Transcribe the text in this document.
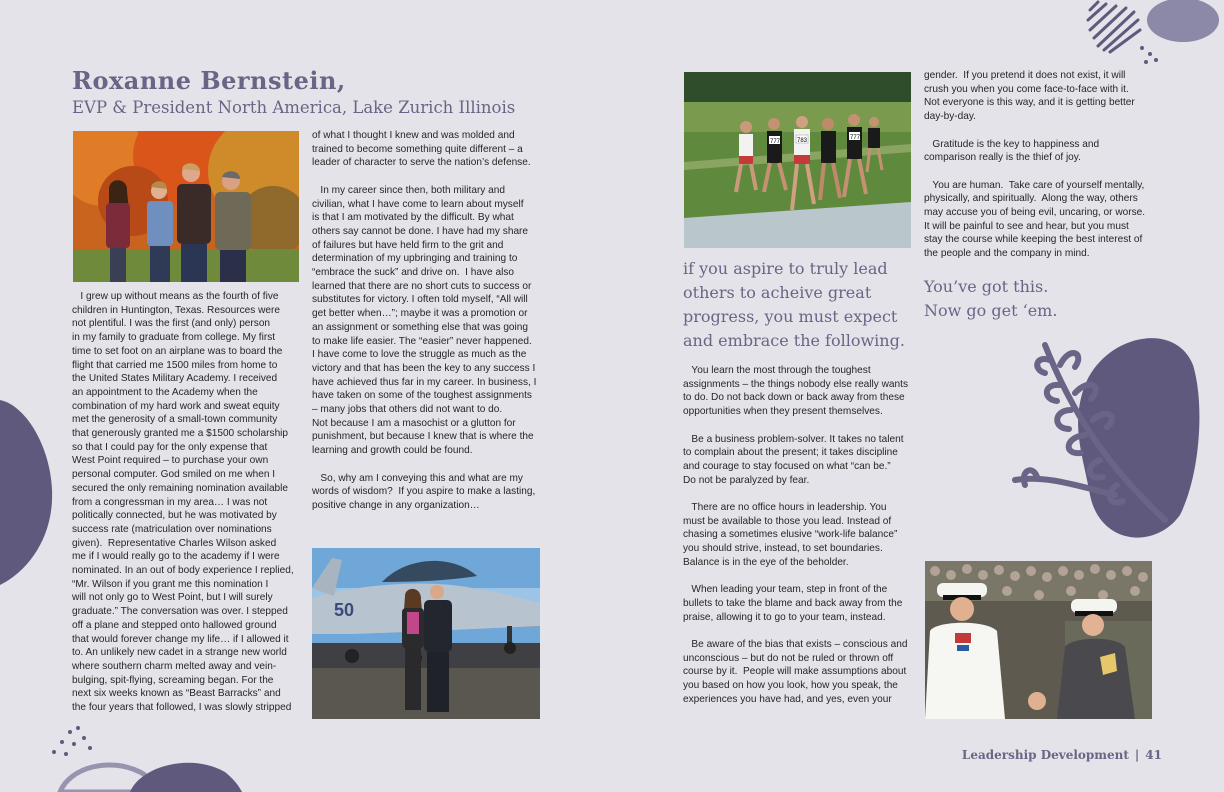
Roxanne Bernstein,
EVP & President North America, Lake Zurich Illinois
50
777	783	777

I grew up without means as the fourth of five
children in Huntington, Texas. Resources were
not plentiful. I was the first (and only) person
in my family to graduate from college. My first
time to set foot on an airplane was to board the
flight that carried me 1500 miles from home to
the United States Military Academy. I received
an appointment to the Academy when the
combination of my hard work and sweat equity
met the generosity of a small-town community
that generously granted me a $1500 scholarship
so that I could pay for the only expense that
West Point required – to purchase your own
personal computer. God smiled on me when I
secured the only remaining nomination available
from a congressman in my area… I was not
politically connected, but he was motivated by
success rate (matriculation over nominations
given).  Representative Charles Wilson asked
me if I would really go to the academy if I were
nominated. In an out of body experience I replied,
“Mr. Wilson if you grant me this nomination I
will not only go to West Point, but I will surely
graduate.” The conversation was over. I stepped
off a plane and stepped onto hallowed ground
that would forever change my life… if I allowed it
to. An unlikely new cadet in a strange new world
where southern charm melted away and vein-
bulging, spit-flying, screaming began. For the
next six weeks known as “Beast Barracks” and
the four years that followed, I was slowly stripped

of what I thought I knew and was molded and
trained to become something quite different – a
leader of character to serve the nation’s defense.

In my career since then, both military and
civilian, what I have come to learn about myself
is that I am motivated by the difficult. By what
others say cannot be done. I have had my share
of failures but have held firm to the grit and
determination of my upbringing and training to
“embrace the suck” and drive on.  I have also
learned that there are no short cuts to success or
substitutes for victory. I often told myself, “All will
get better when…”; maybe it was a promotion or
an assignment or something else that was going
to make life easier. The “easier” never happened.
I have come to love the struggle as much as the
victory and that has been the key to any success I
have achieved thus far in my career. In business, I
have taken on some of the toughest assignments
– many jobs that others did not want to do.
Not because I am a masochist or a glutton for
punishment, but because I knew that is where the
learning and growth could be found.

So, why am I conveying this and what are my
words of wisdom?  If you aspire to make a lasting,
positive change in any organization…

if you aspire to truly lead
others to acheive great
progress, you must expect
and embrace the following.

You learn the most through the toughest
assignments – the things nobody else really wants
to do. Do not back down or back away from these
opportunities when they present themselves.

Be a business problem-solver. It takes no talent
to complain about the present; it takes discipline
and courage to stay focused on what “can be.”
Do not be paralyzed by fear.

There are no office hours in leadership. You
must be available to those you lead. Instead of
chasing a sometimes elusive “work-life balance”
you should strive, instead, to set boundaries.
Balance is in the eye of the beholder.

When leading your team, step in front of the
bullets to take the blame and back away from the
praise, allowing it to go to your team, instead.

Be aware of the bias that exists – conscious and
unconscious – but do not be ruled or thrown off
course by it.  People will make assumptions about
you based on how you look, how you speak, the
experiences you have had, and yes, even your

gender.  If you pretend it does not exist, it will
crush you when you come face-to-face with it.
Not everyone is this way, and it is getting better
day-by-day.

Gratitude is the key to happiness and
comparison really is the thief of joy.

You are human.  Take care of yourself mentally,
physically, and spiritually.  Along the way, others
may accuse you of being evil, uncaring, or worse.
It will be painful to see and hear, but you must
stay the course while keeping the best interest of
the people and the company in mind.

You’ve got this.
Now go get ‘em.
Leadership Development | 41
